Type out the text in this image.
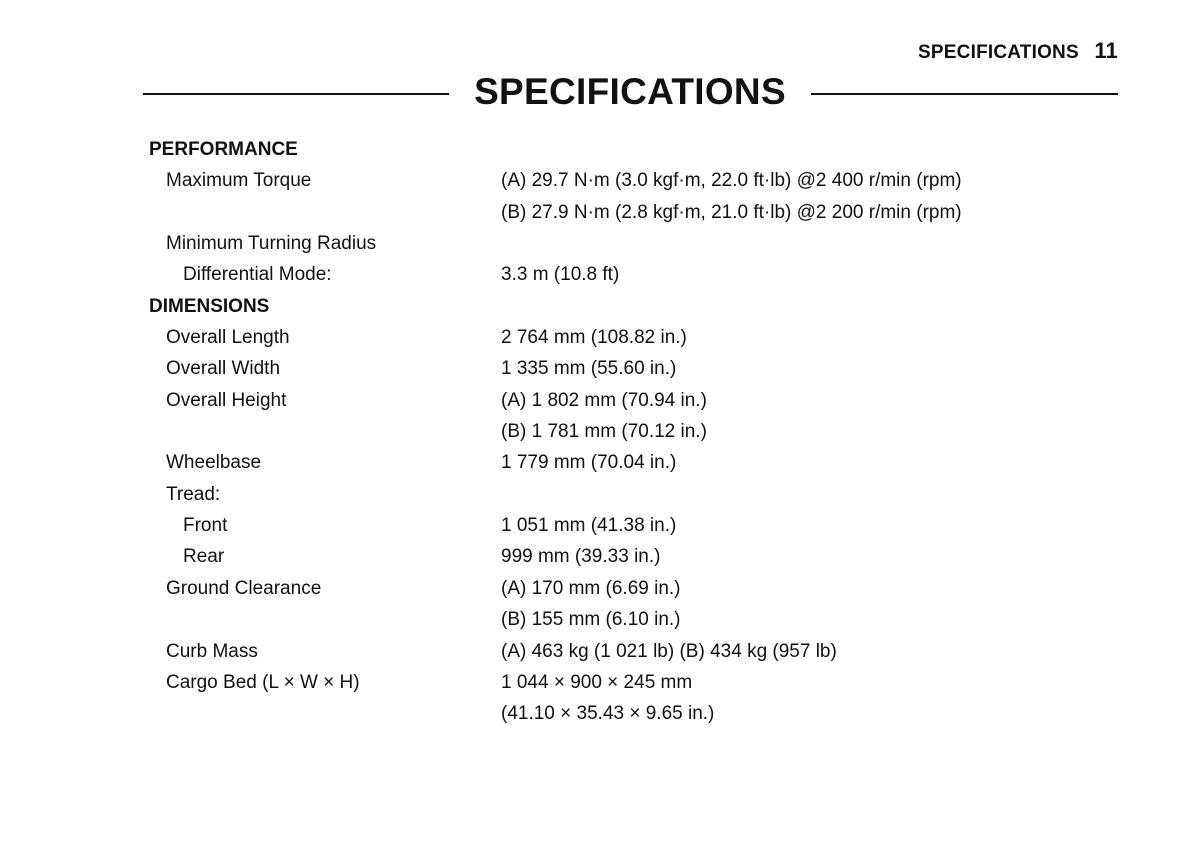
SPECIFICATIONS 11
SPECIFICATIONS
PERFORMANCE
Maximum Torque	(A) 29.7 N·m (3.0 kgf·m, 22.0 ft·lb) @2 400 r/min (rpm)
(B) 27.9 N·m (2.8 kgf·m, 21.0 ft·lb) @2 200 r/min (rpm)
Minimum Turning Radius
Differential Mode:	3.3 m (10.8 ft)
DIMENSIONS
Overall Length	2 764 mm (108.82 in.)
Overall Width	1 335 mm (55.60 in.)
Overall Height	(A) 1 802 mm (70.94 in.)
(B) 1 781 mm (70.12 in.)
Wheelbase	1 779 mm (70.04 in.)
Tread:
Front	1 051 mm (41.38 in.)
Rear	999 mm (39.33 in.)
Ground Clearance	(A) 170 mm (6.69 in.)
(B) 155 mm (6.10 in.)
Curb Mass	(A) 463 kg (1 021 lb) (B) 434 kg (957 lb)
Cargo Bed (L × W × H)	1 044 × 900 × 245 mm
(41.10 × 35.43 × 9.65 in.)
